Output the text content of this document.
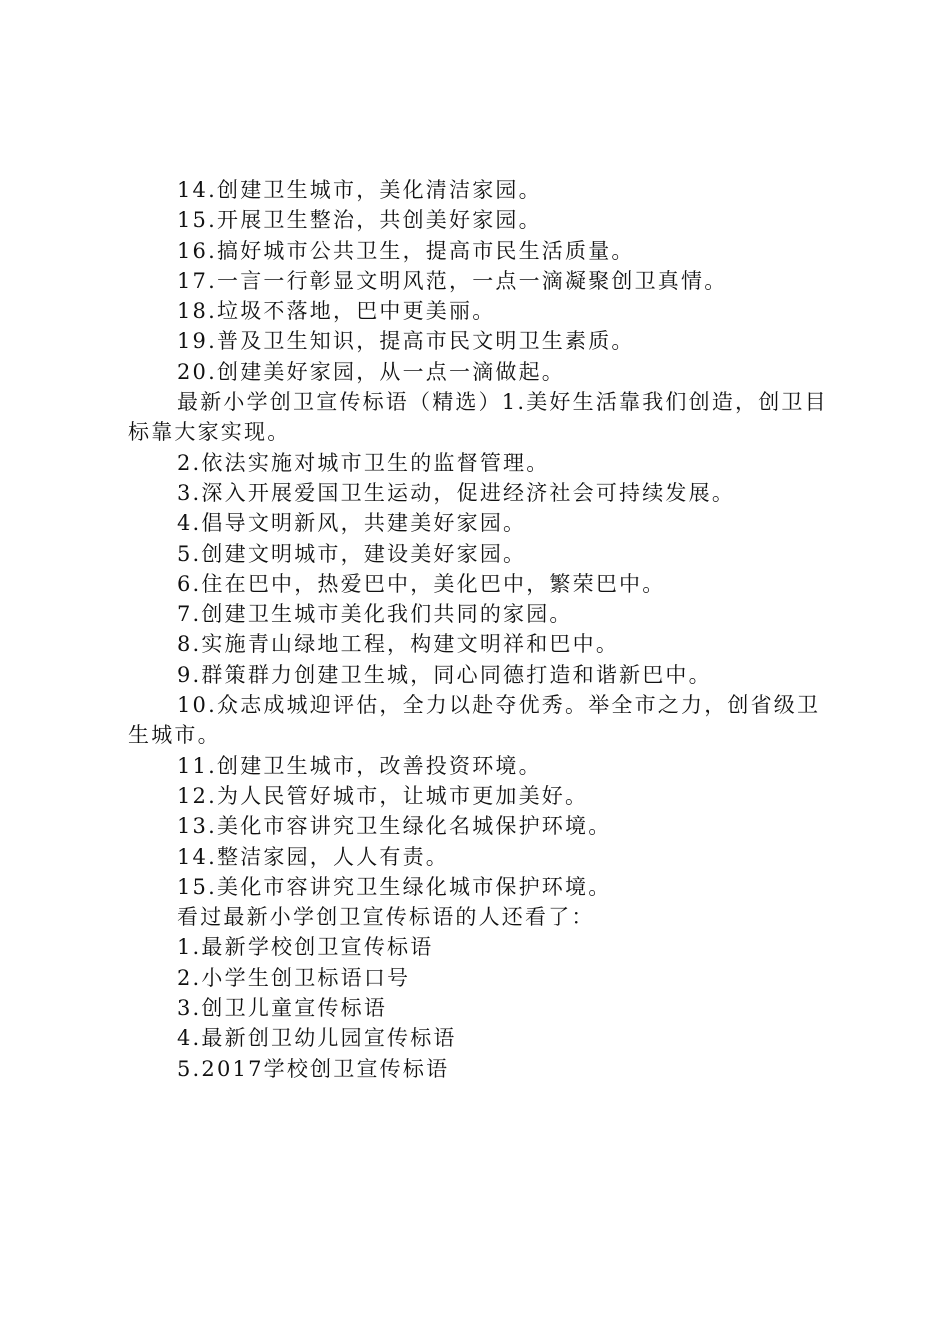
14.创建卫生城市，美化清洁家园。

15.开展卫生整治，共创美好家园。

16.搞好城市公共卫生，提高市民生活质量。

17.一言一行彰显文明风范，一点一滴凝聚创卫真情。

18.垃圾不落地，巴中更美丽。

19.普及卫生知识，提高市民文明卫生素质。

20.创建美好家园，从一点一滴做起。

最新小学创卫宣传标语（精选）1.美好生活靠我们创造，创卫目标靠大家实现。

2.依法实施对城市卫生的监督管理。

3.深入开展爱国卫生运动，促进经济社会可持续发展。

4.倡导文明新风，共建美好家园。

5.创建文明城市，建设美好家园。

6.住在巴中，热爱巴中，美化巴中，繁荣巴中。

7.创建卫生城市美化我们共同的家园。

8.实施青山绿地工程，构建文明祥和巴中。

9.群策群力创建卫生城，同心同德打造和谐新巴中。

10.众志成城迎评估，全力以赴夺优秀。举全市之力，创省级卫生城市。

11.创建卫生城市，改善投资环境。

12.为人民管好城市，让城市更加美好。

13.美化市容讲究卫生绿化名城保护环境。

14.整洁家园，人人有责。

15.美化市容讲究卫生绿化城市保护环境。

看过最新小学创卫宣传标语的人还看了：

1.最新学校创卫宣传标语

2.小学生创卫标语口号

3.创卫儿童宣传标语

4.最新创卫幼儿园宣传标语

5.2017学校创卫宣传标语
